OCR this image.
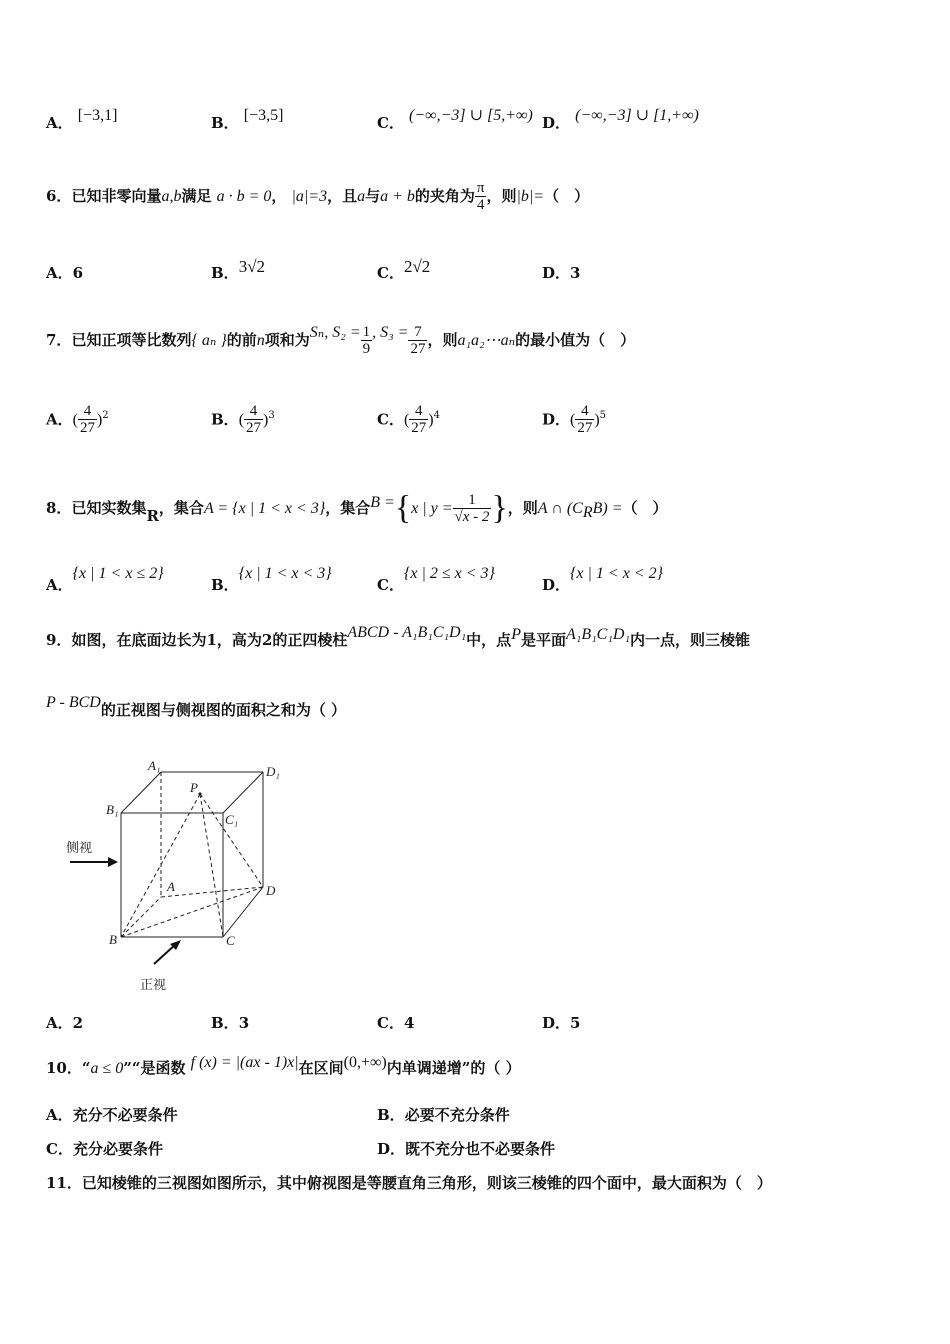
A． [−3,1]	B． [−3,5]	C． (−∞,−3] ∪ [5,+∞) D． (−∞,−3] ∪ [1,+∞)
6．已知非零向量a,b满足 a · b = 0， |a|=3，且a与a + b的夹角为 $\frac{\pi}{4}$ ，则|b|=（　）
A．6	B．3√2	C．2√2	D．3
7．已知正项等比数列{ aₙ }的前n项和为Sₙ, $S_2 = \frac{1}{9}$ , $S_3 = \frac{7}{27}$ ，则a₁a₂⋯aₙ的最小值为（　）
A．( $\frac{4}{27} )^2$	B．( $\frac{4}{27} )^3$	C．( $\frac{4}{27} )^4$	D．( $\frac{4}{27} )^5$
8．已知实数集R，集合A = {x | 1 < x < 3}，集合B ={x | $y = \frac{1}{√x - 2}$ }，则A ∩ $(C_RB)$ =（　）
A．{x | 1 < x ≤ 2}
B．{x | 1 < x < 3}
C．{x | 2 ≤ x < 3}
D．{x | 1 < x < 2}
9．如图，在底面边长为1，高为2的正四棱柱ABCD - A₁B₁C₁D₁中，点P是平面A₁B₁C₁D₁内一点，则三棱锥
P - BCD的正视图与侧视图的面积之和为（ ）
A₁	D₁
B₁
P
C₁
A	D
B	C
侧视
正视
A．2	B．3	C．4	D．5
10．“a ≤ 0”“是函数 f (x) = |(ax - 1)x|在区间(0,+∞)内单调递增”的（ ）
A．充分不必要条件	B．必要不充分条件
C．充分必要条件	D．既不充分也不必要条件
11．已知棱锥的三视图如图所示，其中俯视图是等腰直角三角形，则该三棱锥的四个面中，最大面积为（　）
